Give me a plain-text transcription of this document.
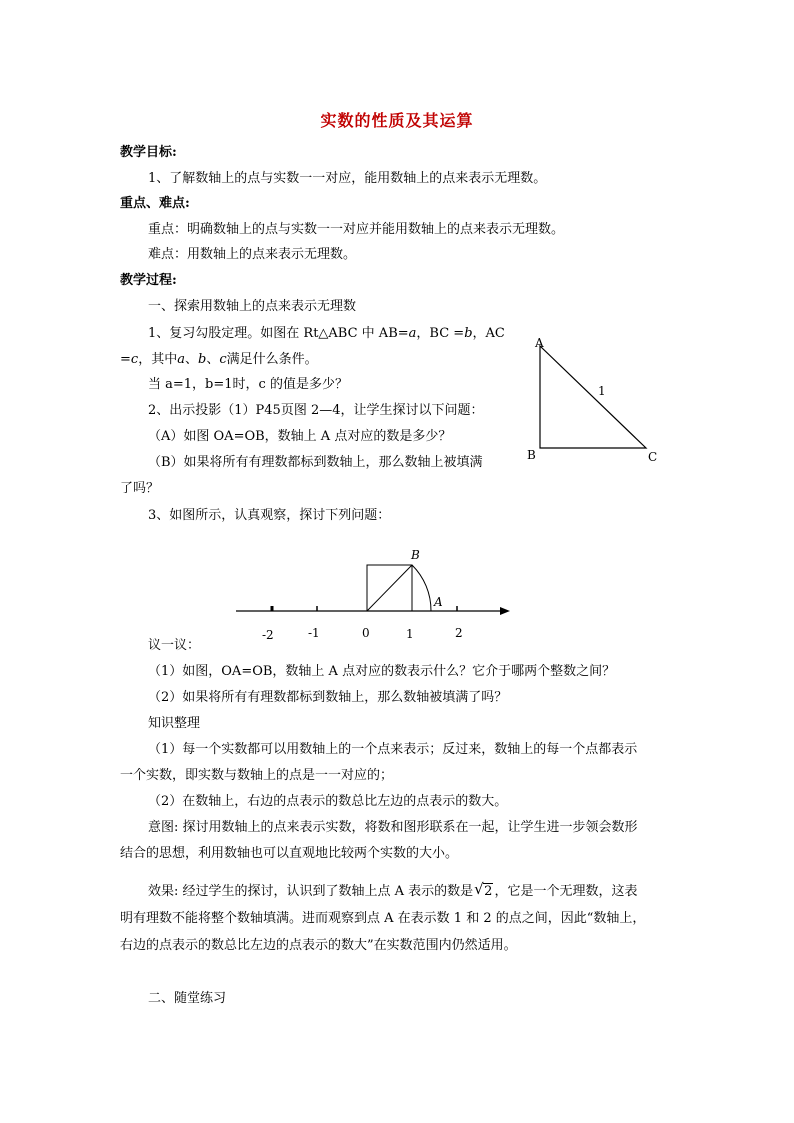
实数的性质及其运算
教学目标:
1、了解数轴上的点与实数一一对应，能用数轴上的点来表示无理数。
重点、难点:
重点：明确数轴上的点与实数一一对应并能用数轴上的点来表示无理数。
难点：用数轴上的点来表示无理数。
教学过程:
一、探索用数轴上的点来表示无理数
1、复习勾股定理。如图在 Rt△ABC 中 AB=a，BC =b，AC
=c，其中a、b、c满足什么条件。
当 a=1，b=1时，c 的值是多少？
2、出示投影（1）P45页图 2—4，让学生探讨以下问题：
（A）如图 OA=OB，数轴上 A 点对应的数是多少？
（B）如果将所有有理数都标到数轴上，那么数轴上被填满
了吗？
3、如图所示，认真观察，探讨下列问题：
A
B	C
1
B
A
-2	-1	0	1	2
议一议：
（1）如图，OA=OB，数轴上 A 点对应的数表示什么？它介于哪两个整数之间？
（2）如果将所有有理数都标到数轴上，那么数轴被填满了吗？
知识整理
（1）每一个实数都可以用数轴上的一个点来表示；反过来，数轴上的每一个点都表示
一个实数，即实数与数轴上的点是一一对应的；
（2）在数轴上，右边的点表示的数总比左边的点表示的数大。
意图: 探讨用数轴上的点来表示实数，将数和图形联系在一起，让学生进一步领会数形
结合的思想，利用数轴也可以直观地比较两个实数的大小。
效果: 经过学生的探讨，认识到了数轴上点 A 表示的数是 √ 2 ，它是一个无理数，这表
明有理数不能将整个数轴填满。进而观察到点 A 在表示数 1 和 2 的点之间，因此“数轴上，
右边的点表示的数总比左边的点表示的数大”在实数范围内仍然适用。
二、随堂练习
